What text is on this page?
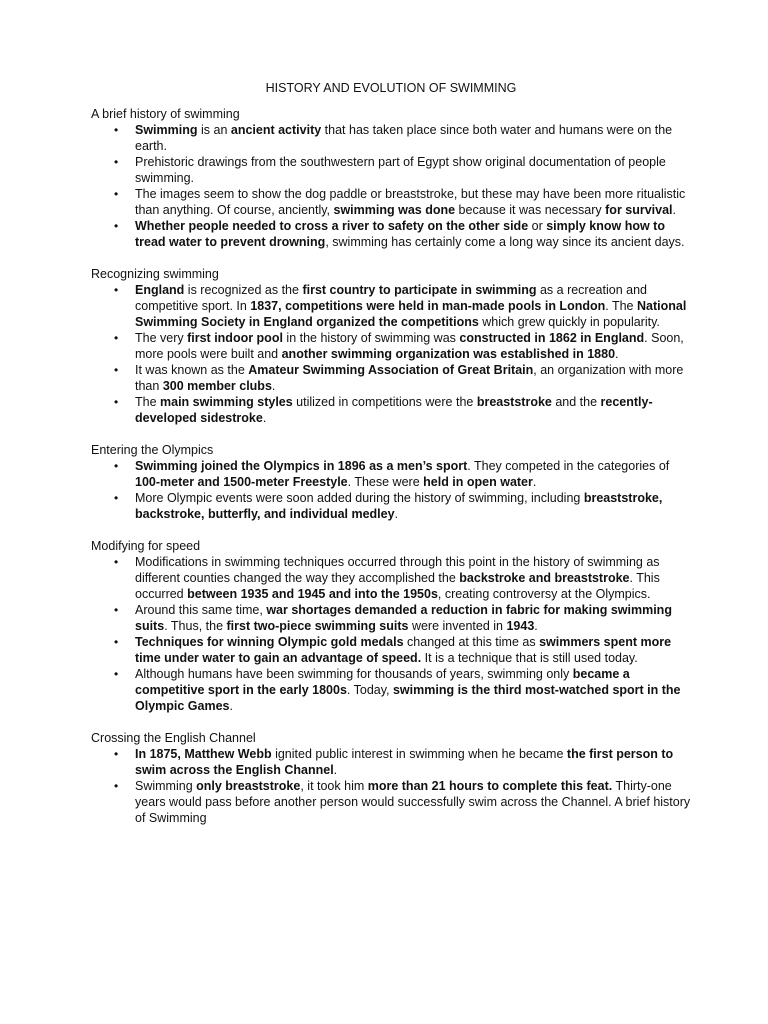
HISTORY AND EVOLUTION OF SWIMMING

A brief history of swimming

• Swimming is an ancient activity that has taken place since both water and humans were on the earth.
• Prehistoric drawings from the southwestern part of Egypt show original documentation of people swimming.
• The images seem to show the dog paddle or breaststroke, but these may have been more ritualistic than anything. Of course, anciently, swimming was done because it was necessary for survival.
• Whether people needed to cross a river to safety on the other side or simply know how to tread water to prevent drowning, swimming has certainly come a long way since its ancient days.

Recognizing swimming

• England is recognized as the first country to participate in swimming as a recreation and competitive sport. In 1837, competitions were held in man-made pools in London. The National Swimming Society in England organized the competitions which grew quickly in popularity.
• The very first indoor pool in the history of swimming was constructed in 1862 in England. Soon, more pools were built and another swimming organization was established in 1880.
• It was known as the Amateur Swimming Association of Great Britain, an organization with more than 300 member clubs.
• The main swimming styles utilized in competitions were the breaststroke and the recently-developed sidestroke.

Entering the Olympics

• Swimming joined the Olympics in 1896 as a men’s sport. They competed in the categories of 100-meter and 1500-meter Freestyle. These were held in open water.
• More Olympic events were soon added during the history of swimming, including breaststroke, backstroke, butterfly, and individual medley.

Modifying for speed

• Modifications in swimming techniques occurred through this point in the history of swimming as different counties changed the way they accomplished the backstroke and breaststroke. This occurred between 1935 and 1945 and into the 1950s, creating controversy at the Olympics.
• Around this same time, war shortages demanded a reduction in fabric for making swimming suits. Thus, the first two-piece swimming suits were invented in 1943.
• Techniques for winning Olympic gold medals changed at this time as swimmers spent more time under water to gain an advantage of speed. It is a technique that is still used today.
• Although humans have been swimming for thousands of years, swimming only became a competitive sport in the early 1800s. Today, swimming is the third most-watched sport in the Olympic Games.

Crossing the English Channel

• In 1875, Matthew Webb ignited public interest in swimming when he became the first person to swim across the English Channel.
• Swimming only breaststroke, it took him more than 21 hours to complete this feat. Thirty-one years would pass before another person would successfully swim across the Channel. A brief history of Swimming
